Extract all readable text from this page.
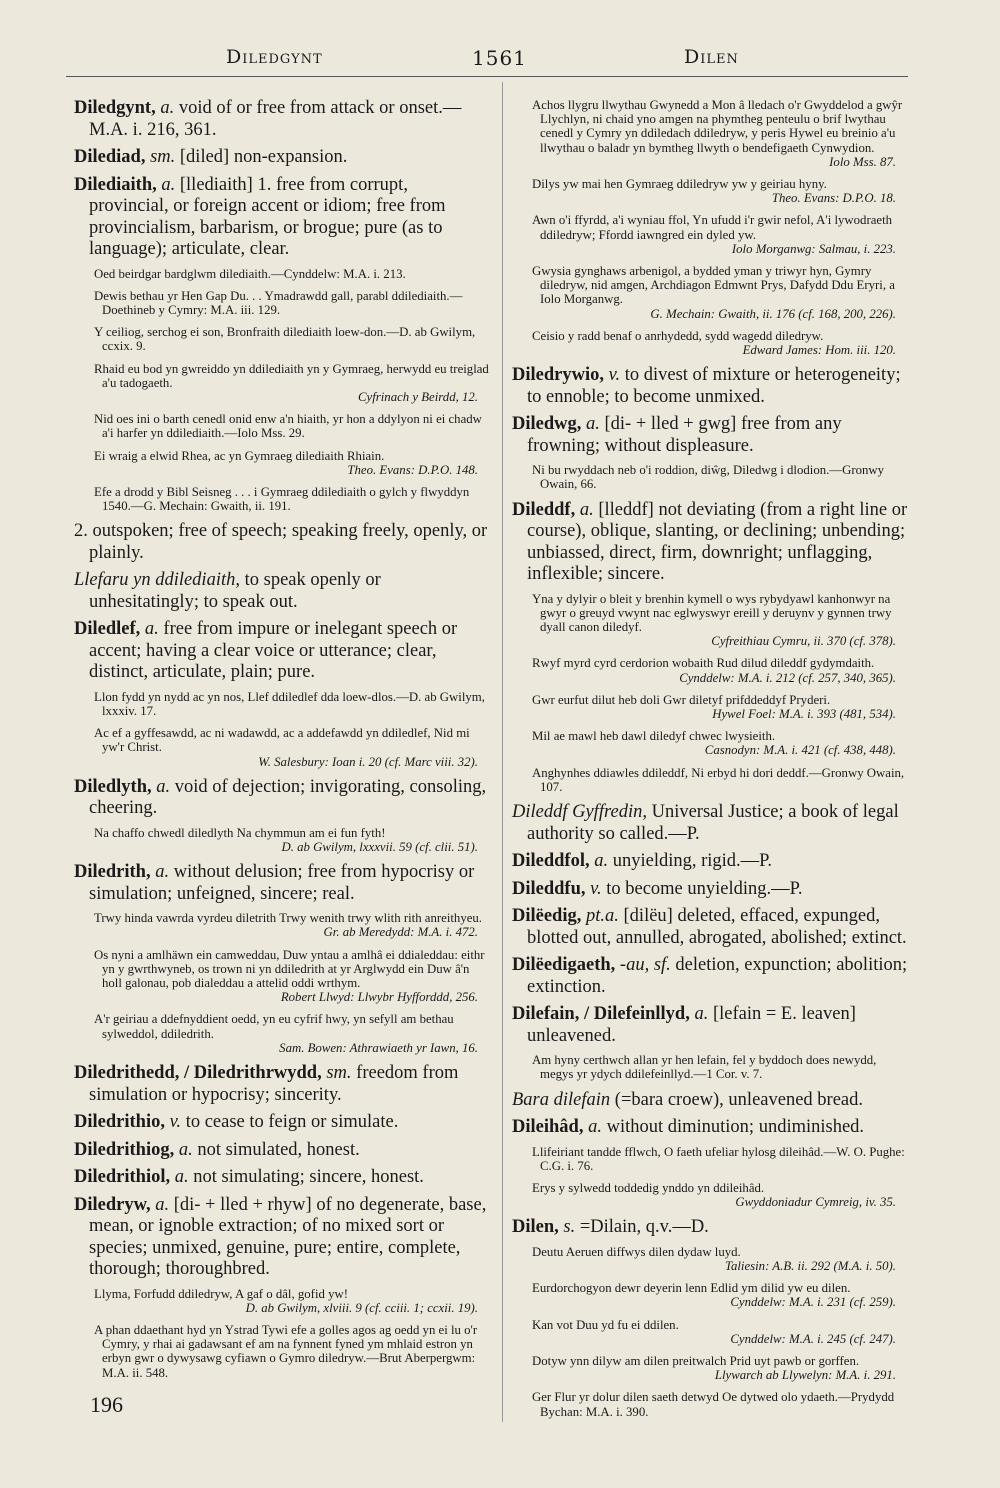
Diledgynt	1561	Dilen
Diledgynt, a. void of or free from attack or onset.—M.A. i. 216, 361.
Dilediad, sm. [diled] non-expansion.
Dilediaith, a. [llediaith] 1. free from corrupt, provincial, or foreign accent or idiom; free from provincialism, barbarism, or brogue; pure (as to language); articulate, clear.
Oed beirdgar bardglwm dilediaith.—Cynddelw: M.A. i. 213.
Dewis bethau yr Hen Gap Du. . . Ymadrawdd gall, parabl ddilediaith.—Doethineb y Cymry: M.A. iii. 129.
Y ceiliog, serchog ei son, Bronfraith dilediaith loew-don.—D. ab Gwilym, ccxix. 9.
Rhaid eu bod yn gwreiddo yn ddilediaith yn y Gymraeg, herwydd eu treiglad a'u tadogaeth.
Cyfrinach y Beirdd, 12.
Nid oes ini o barth cenedl onid enw a'n hiaith, yr hon a ddylyon ni ei chadw a'i harfer yn ddilediaith.—Iolo Mss. 29.
Ei wraig a elwid Rhea, ac yn Gymraeg dilediaith Rhiain.
Theo. Evans: D.P.O. 148.
Efe a drodd y Bibl Seisneg . . . i Gymraeg ddilediaith o gylch y flwyddyn 1540.—G. Mechain: Gwaith, ii. 191.
2. outspoken; free of speech; speaking freely, openly, or plainly.
Llefaru yn ddilediaith, to speak openly or unhesitatingly; to speak out.
Diledlef, a. free from impure or inelegant speech or accent; having a clear voice or utterance; clear, distinct, articulate, plain; pure.
Llon fydd yn nydd ac yn nos, Llef ddiledlef dda loew-dlos.—D. ab Gwilym, lxxxiv. 17.
Ac ef a gyffesawdd, ac ni wadawdd, ac a addefawdd yn ddiledlef, Nid mi yw'r Christ.
W. Salesbury: Ioan i. 20 (cf. Marc viii. 32).
Diledlyth, a. void of dejection; invigorating, consoling, cheering.
Na chaffo chwedl diledlyth Na chymmun am ei fun fyth!
D. ab Gwilym, lxxxvii. 59 (cf. clii. 51).
Diledrith, a. without delusion; free from hypocrisy or simulation; unfeigned, sincere; real.
Trwy hinda vawrda vyrdeu diletrith Trwy wenith trwy wlith rith anreithyeu.
Gr. ab Meredydd: M.A. i. 472.
Os nyni a amlhäwn ein camweddau, Duw yntau a amlhâ ei ddialeddau: eithr yn y gwrthwyneb, os trown ni yn ddiledrith at yr Arglwydd ein Duw â'n holl galonau, pob dialeddau a attelid oddi wrthym.
Robert Llwyd: Llwybr Hyfforddd, 256.
A'r geiriau a ddefnyddient oedd, yn eu cyfrif hwy, yn sefyll am bethau sylweddol, ddiledrith.
Sam. Bowen: Athrawiaeth yr Iawn, 16.
Diledrithedd, / Diledrithrwydd, sm. freedom from simulation or hypocrisy; sincerity.
Diledrithio, v. to cease to feign or simulate.
Diledrithiog, a. not simulated, honest.
Diledrithiol, a. not simulating; sincere, honest.
Diledryw, a. [di- + lled + rhyw] of no degenerate, base, mean, or ignoble extraction; of no mixed sort or species; unmixed, genuine, pure; entire, complete, thorough; thoroughbred.
Llyma, Forfudd ddiledryw, A gaf o dâl, gofid yw!
D. ab Gwilym, xlviii. 9 (cf. cciii. 1; ccxii. 19).
A phan ddaethant hyd yn Ystrad Tywi efe a golles agos ag oedd yn ei lu o'r Cymry, y rhai ai gadawsant ef am na fynnent fyned ym mhlaid estron yn erbyn gwr o dywysawg cyfiawn o Gymro diledryw.—Brut Aberpergwm: M.A. ii. 548.
Achos llygru llwythau Gwynedd a Mon â lledach o'r Gwyddelod a gwŷr Llychlyn, ni chaid yno amgen na phymtheg penteulu o brif lwythau cenedl y Cymry yn ddiledach ddiledryw, y peris Hywel eu breinio a'u llwythau o baladr yn bymtheg llwyth o bendefigaeth Cynwydion.
Iolo Mss. 87.
Dilys yw mai hen Gymraeg ddiledryw yw y geiriau hyny.
Theo. Evans: D.P.O. 18.
Awn o'i ffyrdd, a'i wyniau ffol, Yn ufudd i'r gwir nefol, A'i lywodraeth ddiledryw; Ffordd iawngred ein dyled yw.
Iolo Morganwg: Salmau, i. 223.
Gwysia gynghaws arbenigol, a bydded yman y triwyr hyn, Gymry diledryw, nid amgen, Archdiagon Edmwnt Prys, Dafydd Ddu Eryri, a Iolo Morganwg.
G. Mechain: Gwaith, ii. 176 (cf. 168, 200, 226).
Ceisio y radd benaf o anrhydedd, sydd wagedd diledryw.
Edward James: Hom. iii. 120.
Diledrywio, v. to divest of mixture or heterogeneity; to ennoble; to become unmixed.
Diledwg, a. [di- + lled + gwg] free from any frowning; without displeasure.
Ni bu rwyddach neb o'i roddion, diŵg, Diledwg i dlodion.—Gronwy Owain, 66.
Dileddf, a. [lleddf] not deviating (from a right line or course), oblique, slanting, or declining; unbending; unbiassed, direct, firm, downright; unflagging, inflexible; sincere.
Yna y dylyir o bleit y brenhin kymell o wys rybydyawl kanhonwyr na gwyr o greuyd vwynt nac eglwyswyr ereill y deruynv y gynnen trwy dyall canon diledyf.
Cyfreithiau Cymru, ii. 370 (cf. 378).
Rwyf myrd cyrd cerdorion wobaith Rud dilud dileddf gydymdaith.
Cynddelw: M.A. i. 212 (cf. 257, 340, 365).
Gwr eurfut dilut heb doli Gwr diletyf prifddeddyf Pryderi.
Hywel Foel: M.A. i. 393 (481, 534).
Mil ae mawl heb dawl diledyf chwec lwysieith.
Casnodyn: M.A. i. 421 (cf. 438, 448).
Anghynhes ddiawles ddileddf, Ni erbyd hi dori deddf.—Gronwy Owain, 107.
Dileddf Gyffredin, Universal Justice; a book of legal authority so called.—P.
Dileddfol, a. unyielding, rigid.—P.
Dileddfu, v. to become unyielding.—P.
Dilëedig, pt.a. [dilëu] deleted, effaced, expunged, blotted out, annulled, abrogated, abolished; extinct.
Dilëedigaeth, -au, sf. deletion, expunction; abolition; extinction.
Dilefain, / Dilefeinllyd, a. [lefain = E. leaven] unleavened.
Am hyny certhwch allan yr hen lefain, fel y byddoch does newydd, megys yr ydych ddilefeinllyd.—1 Cor. v. 7.
Bara dilefain (=bara croew), unleavened bread.
Dileihâd, a. without diminution; undiminished.
Llifeiriant tandde fflwch, O faeth ufeliar hylosg dileihâd.—W. O. Pughe: C.G. i. 76.
Erys y sylwedd toddedig ynddo yn ddileihâd.
Gwyddoniadur Cymreig, iv. 35.
Dilen, s. =Dilain, q.v.—D.
Deutu Aeruen diffwys dilen dydaw luyd.
Taliesin: A.B. ii. 292 (M.A. i. 50).
Eurdorchogyon dewr deyerin lenn Edlid ym dilid yw eu dilen.
Cynddelw: M.A. i. 231 (cf. 259).
Kan vot Duu yd fu ei ddilen.
Cynddelw: M.A. i. 245 (cf. 247).
Dotyw ynn dilyw am dilen preitwalch Prid uyt pawb or gorffen.
Llywarch ab Llywelyn: M.A. i. 291.
Ger Flur yr dolur dilen saeth detwyd Oe dytwed olo ydaeth.—Prydydd Bychan: M.A. i. 390.
196
